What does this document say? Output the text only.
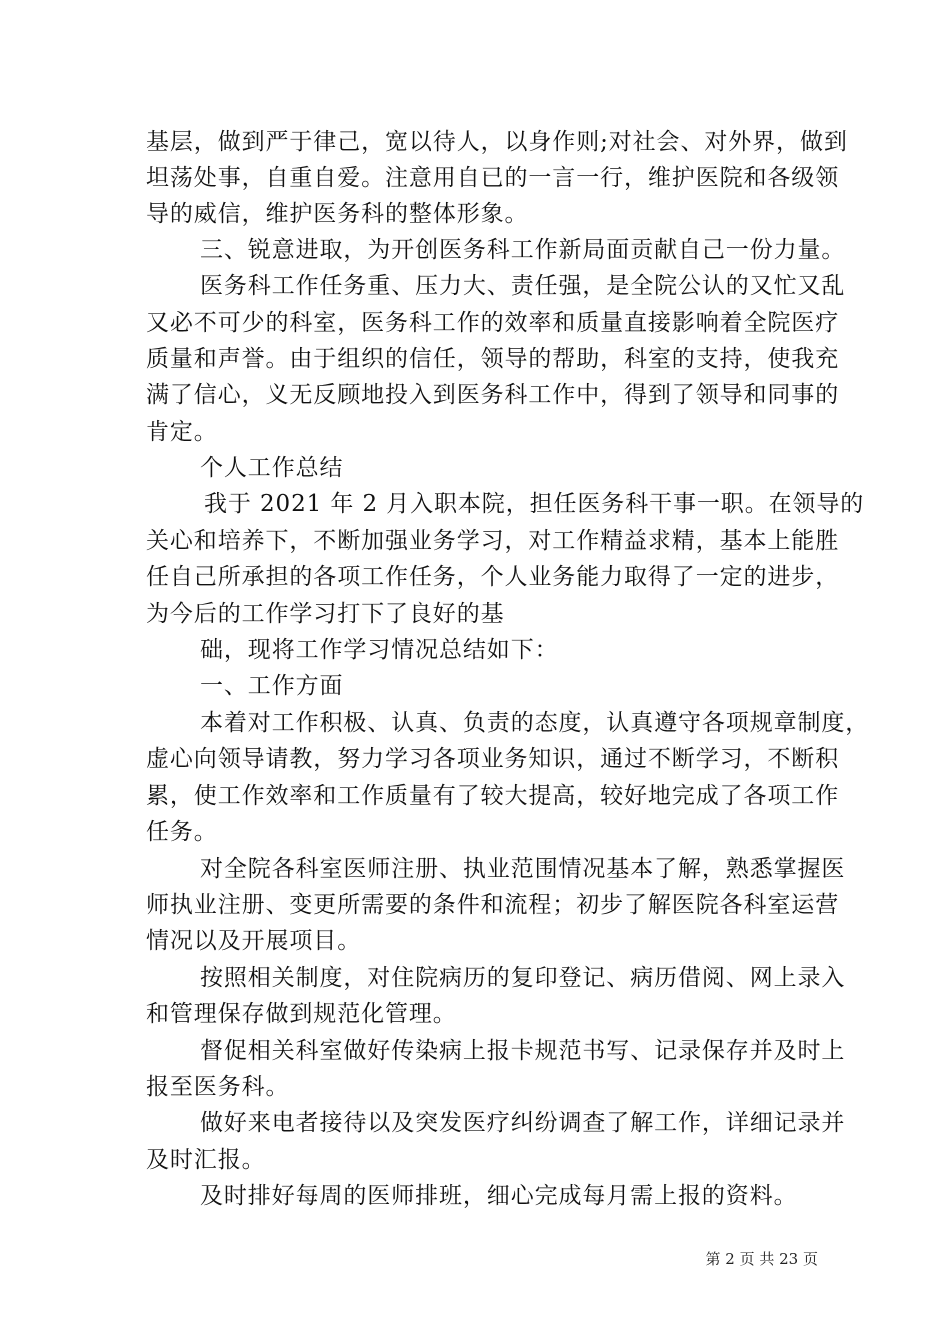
基层，做到严于律己，宽以待人，以身作则;对社会、对外界，做到
坦荡处事，自重自爱。注意用自已的一言一行，维护医院和各级领
导的威信，维护医务科的整体形象。
三、锐意进取，为开创医务科工作新局面贡献自己一份力量。
医务科工作任务重、压力大、责任强，是全院公认的又忙又乱
又必不可少的科室，医务科工作的效率和质量直接影响着全院医疗
质量和声誉。由于组织的信任，领导的帮助，科室的支持，使我充
满了信心，义无反顾地投入到医务科工作中，得到了领导和同事的
肯定。
个人工作总结
我于 2021 年 2 月入职本院，担任医务科干事一职。在领导的
关心和培养下，不断加强业务学习，对工作精益求精，基本上能胜
任自己所承担的各项工作任务，个人业务能力取得了一定的进步，
为今后的工作学习打下了良好的基
础，现将工作学习情况总结如下：
一、工作方面
本着对工作积极、认真、负责的态度，认真遵守各项规章制度，
虚心向领导请教，努力学习各项业务知识，通过不断学习，不断积
累，使工作效率和工作质量有了较大提高，较好地完成了各项工作
任务。
对全院各科室医师注册、执业范围情况基本了解，熟悉掌握医
师执业注册、变更所需要的条件和流程；初步了解医院各科室运营
情况以及开展项目。
按照相关制度，对住院病历的复印登记、病历借阅、网上录入
和管理保存做到规范化管理。
督促相关科室做好传染病上报卡规范书写、记录保存并及时上
报至医务科。
做好来电者接待以及突发医疗纠纷调查了解工作，详细记录并
及时汇报。
及时排好每周的医师排班，细心完成每月需上报的资料。
第 2 页 共 23 页
